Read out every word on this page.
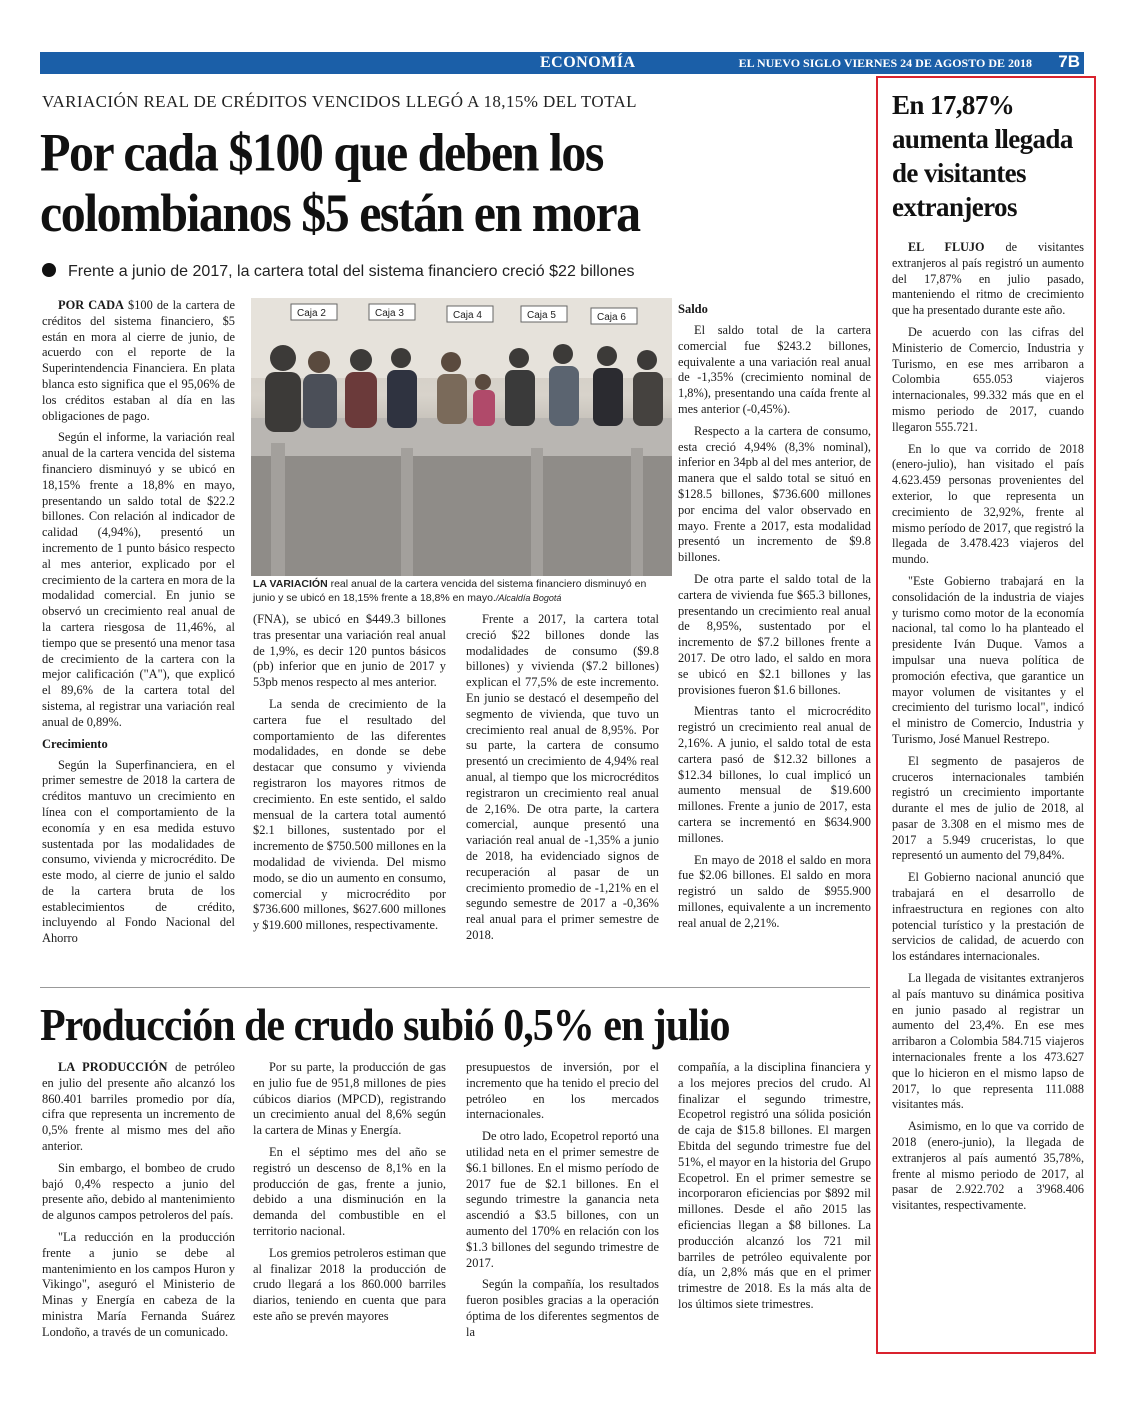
ECONOMÍA	EL NUEVO SIGLO VIERNES 24 DE AGOSTO DE 2018 7B
VARIACIÓN REAL DE CRÉDITOS VENCIDOS LLEGÓ A 18,15% DEL TOTAL
Por cada $100 que deben los colombianos $5 están en mora
Frente a junio de 2017, la cartera total del sistema financiero creció $22 billones

POR CADA $100 de la cartera de créditos del sistema financiero, $5 están en mora al cierre de junio, de acuerdo con el reporte de la Superintendencia Financiera. En plata blanca esto significa que el 95,06% de los créditos estaban al día en las obligaciones de pago.

Según el informe, la variación real anual de la cartera vencida del sistema financiero disminuyó y se ubicó en 18,15% frente a 18,8% en mayo, presentando un saldo total de $22.2 billones. Con relación al indicador de calidad (4,94%), presentó un incremento de 1 punto básico respecto al mes anterior, explicado por el crecimiento de la cartera en mora de la modalidad comercial. En junio se observó un crecimiento real anual de la cartera riesgosa de 11,46%, al tiempo que se presentó una menor tasa de crecimiento de la cartera con la mejor calificación ("A"), que explicó el 89,6% de la cartera total del sistema, al registrar una variación real anual de 0,89%.

Crecimiento

Según la Superfinanciera, en el primer semestre de 2018 la cartera de créditos mantuvo un crecimiento en línea con el comportamiento de la economía y en esa medida estuvo sustentada por las modalidades de consumo, vivienda y microcrédito. De este modo, al cierre de junio el saldo de la cartera bruta de los establecimientos de crédito, incluyendo al Fondo Nacional del Ahorro

Caja 2	Caja 3	Caja 4	Caja 5	Caja 6
LA VARIACIÓN real anual de la cartera vencida del sistema financiero disminuyó en junio y se ubicó en 18,15% frente a 18,8% en mayo./Alcaldía Bogotá

(FNA), se ubicó en $449.3 billones tras presentar una variación real anual de 1,9%, es decir 120 puntos básicos (pb) inferior que en junio de 2017 y 53pb menos respecto al mes anterior.

La senda de crecimiento de la cartera fue el resultado del comportamiento de las diferentes modalidades, en donde se debe destacar que consumo y vivienda registraron los mayores ritmos de crecimiento. En este sentido, el saldo mensual de la cartera total aumentó $2.1 billones, sustentado por el incremento de $750.500 millones en la modalidad de vivienda. Del mismo modo, se dio un aumento en consumo, comercial y microcrédito por $736.600 millones, $627.600 millones y $19.600 millones, respectivamente.

Frente a 2017, la cartera total creció $22 billones donde las modalidades de consumo ($9.8 billones) y vivienda ($7.2 billones) explican el 77,5% de este incremento. En junio se destacó el desempeño del segmento de vivienda, que tuvo un crecimiento real anual de 8,95%. Por su parte, la cartera de consumo presentó un crecimiento de 4,94% real anual, al tiempo que los microcréditos registraron un crecimiento real anual de 2,16%. De otra parte, la cartera comercial, aunque presentó una variación real anual de -1,35% a junio de 2018, ha evidenciado signos de recuperación al pasar de un crecimiento promedio de -1,21% en el segundo semestre de 2017 a -0,36% real anual para el primer semestre de 2018.

Saldo

El saldo total de la cartera comercial fue $243.2 billones, equivalente a una variación real anual de -1,35% (crecimiento nominal de 1,8%), presentando una caída frente al mes anterior (-0,45%).

Respecto a la cartera de consumo, esta creció 4,94% (8,3% nominal), inferior en 34pb al del mes anterior, de manera que el saldo total se situó en $128.5 billones, $736.600 millones por encima del valor observado en mayo. Frente a 2017, esta modalidad presentó un incremento de $9.8 billones.

De otra parte el saldo total de la cartera de vivienda fue $65.3 billones, presentando un crecimiento real anual de 8,95%, sustentado por el incremento de $7.2 billones frente a 2017. De otro lado, el saldo en mora se ubicó en $2.1 billones y las provisiones fueron $1.6 billones.

Mientras tanto el microcrédito registró un crecimiento real anual de 2,16%. A junio, el saldo total de esta cartera pasó de $12.32 billones a $12.34 billones, lo cual implicó un aumento mensual de $19.600 millones. Frente a junio de 2017, esta cartera se incrementó en $634.900 millones.

En mayo de 2018 el saldo en mora fue $2.06 billones. El saldo en mora registró un saldo de $955.900 millones, equivalente a un incremento real anual de 2,21%.

Producción de crudo subió 0,5% en julio

LA PRODUCCIÓN de petróleo en julio del presente año alcanzó los 860.401 barriles promedio por día, cifra que representa un incremento de 0,5% frente al mismo mes del año anterior.

Sin embargo, el bombeo de crudo bajó 0,4% respecto a junio del presente año, debido al mantenimiento de algunos campos petroleros del país.

"La reducción en la producción frente a junio se debe al mantenimiento en los campos Huron y Vikingo", aseguró el Ministerio de Minas y Energía en cabeza de la ministra María Fernanda Suárez Londoño, a través de un comunicado.

Por su parte, la producción de gas en julio fue de 951,8 millones de pies cúbicos diarios (MPCD), registrando un crecimiento anual del 8,6% según la cartera de Minas y Energía.

En el séptimo mes del año se registró un descenso de 8,1% en la producción de gas, frente a junio, debido a una disminución en la demanda del combustible en el territorio nacional.

Los gremios petroleros estiman que al finalizar 2018 la producción de crudo llegará a los 860.000 barriles diarios, teniendo en cuenta que para este año se prevén mayores

presupuestos de inversión, por el incremento que ha tenido el precio del petróleo en los mercados internacionales.

De otro lado, Ecopetrol reportó una utilidad neta en el primer semestre de $6.1 billones. En el mismo período de 2017 fue de $2.1 billones. En el segundo trimestre la ganancia neta ascendió a $3.5 billones, con un aumento del 170% en relación con los $1.3 billones del segundo trimestre de 2017.

Según la compañía, los resultados fueron posibles gracias a la operación óptima de los diferentes segmentos de la

compañía, a la disciplina financiera y a los mejores precios del crudo. Al finalizar el segundo trimestre, Ecopetrol registró una sólida posición de caja de $15.8 billones. El margen Ebitda del segundo trimestre fue del 51%, el mayor en la historia del Grupo Ecopetrol. En el primer semestre se incorporaron eficiencias por $892 mil millones. Desde el año 2015 las eficiencias llegan a $8 billones. La producción alcanzó los 721 mil barriles de petróleo equivalente por día, un 2,8% más que en el primer trimestre de 2018. Es la más alta de los últimos siete trimestres.

En 17,87% aumenta llegada de visitantes extranjeros

EL FLUJO de visitantes extranjeros al país registró un aumento del 17,87% en julio pasado, manteniendo el ritmo de crecimiento que ha presentado durante este año.

De acuerdo con las cifras del Ministerio de Comercio, Industria y Turismo, en ese mes arribaron a Colombia 655.053 viajeros internacionales, 99.332 más que en el mismo periodo de 2017, cuando llegaron 555.721.

En lo que va corrido de 2018 (enero-julio), han visitado el país 4.623.459 personas provenientes del exterior, lo que representa un crecimiento de 32,92%, frente al mismo período de 2017, que registró la llegada de 3.478.423 viajeros del mundo.

"Este Gobierno trabajará en la consolidación de la industria de viajes y turismo como motor de la economía nacional, tal como lo ha planteado el presidente Iván Duque. Vamos a impulsar una nueva política de promoción efectiva, que garantice un mayor volumen de visitantes y el crecimiento del turismo local", indicó el ministro de Comercio, Industria y Turismo, José Manuel Restrepo.

El segmento de pasajeros de cruceros internacionales también registró un crecimiento importante durante el mes de julio de 2018, al pasar de 3.308 en el mismo mes de 2017 a 5.949 cruceristas, lo que representó un aumento del 79,84%.

El Gobierno nacional anunció que trabajará en el desarrollo de infraestructura en regiones con alto potencial turístico y la prestación de servicios de calidad, de acuerdo con los estándares internacionales.

La llegada de visitantes extranjeros al país mantuvo su dinámica positiva en junio pasado al registrar un aumento del 23,4%. En ese mes arribaron a Colombia 584.715 viajeros internacionales frente a los 473.627 que lo hicieron en el mismo lapso de 2017, lo que representa 111.088 visitantes más.

Asimismo, en lo que va corrido de 2018 (enero-junio), la llegada de extranjeros al país aumentó 35,78%, frente al mismo periodo de 2017, al pasar de 2.922.702 a 3'968.406 visitantes, respectivamente.
